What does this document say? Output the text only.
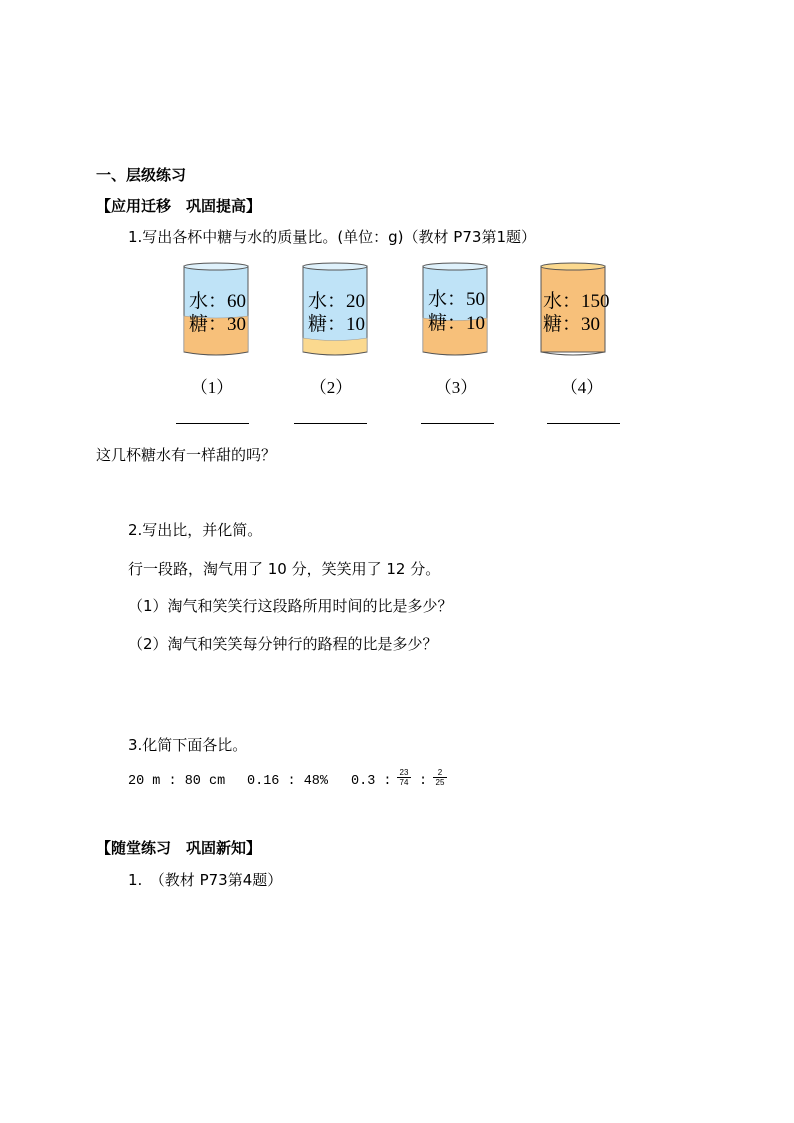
一、层级练习
【应用迁移　巩固提高】
1.写出各杯中糖与水的质量比。(单位：g)（教材 P73第1题）
水：60
糖：30
（1）
水：20
糖：10
（2）
水：50
糖：10
（3）
水：150
糖：30
（4）
这几杯糖水有一样甜的吗？
2.写出比，并化简。
行一段路，淘气用了 10 分，笑笑用了 12 分。
（1）淘气和笑笑行这段路所用时间的比是多少？
（2）淘气和笑笑每分钟行的路程的比是多少？
3.化简下面各比。
20 m : 80 cm 0.16 : 48% 0.3 : $\frac{23}{74}$ : $\frac{2}{25}$
【随堂练习　巩固新知】
1.　（教材 P73第4题）
